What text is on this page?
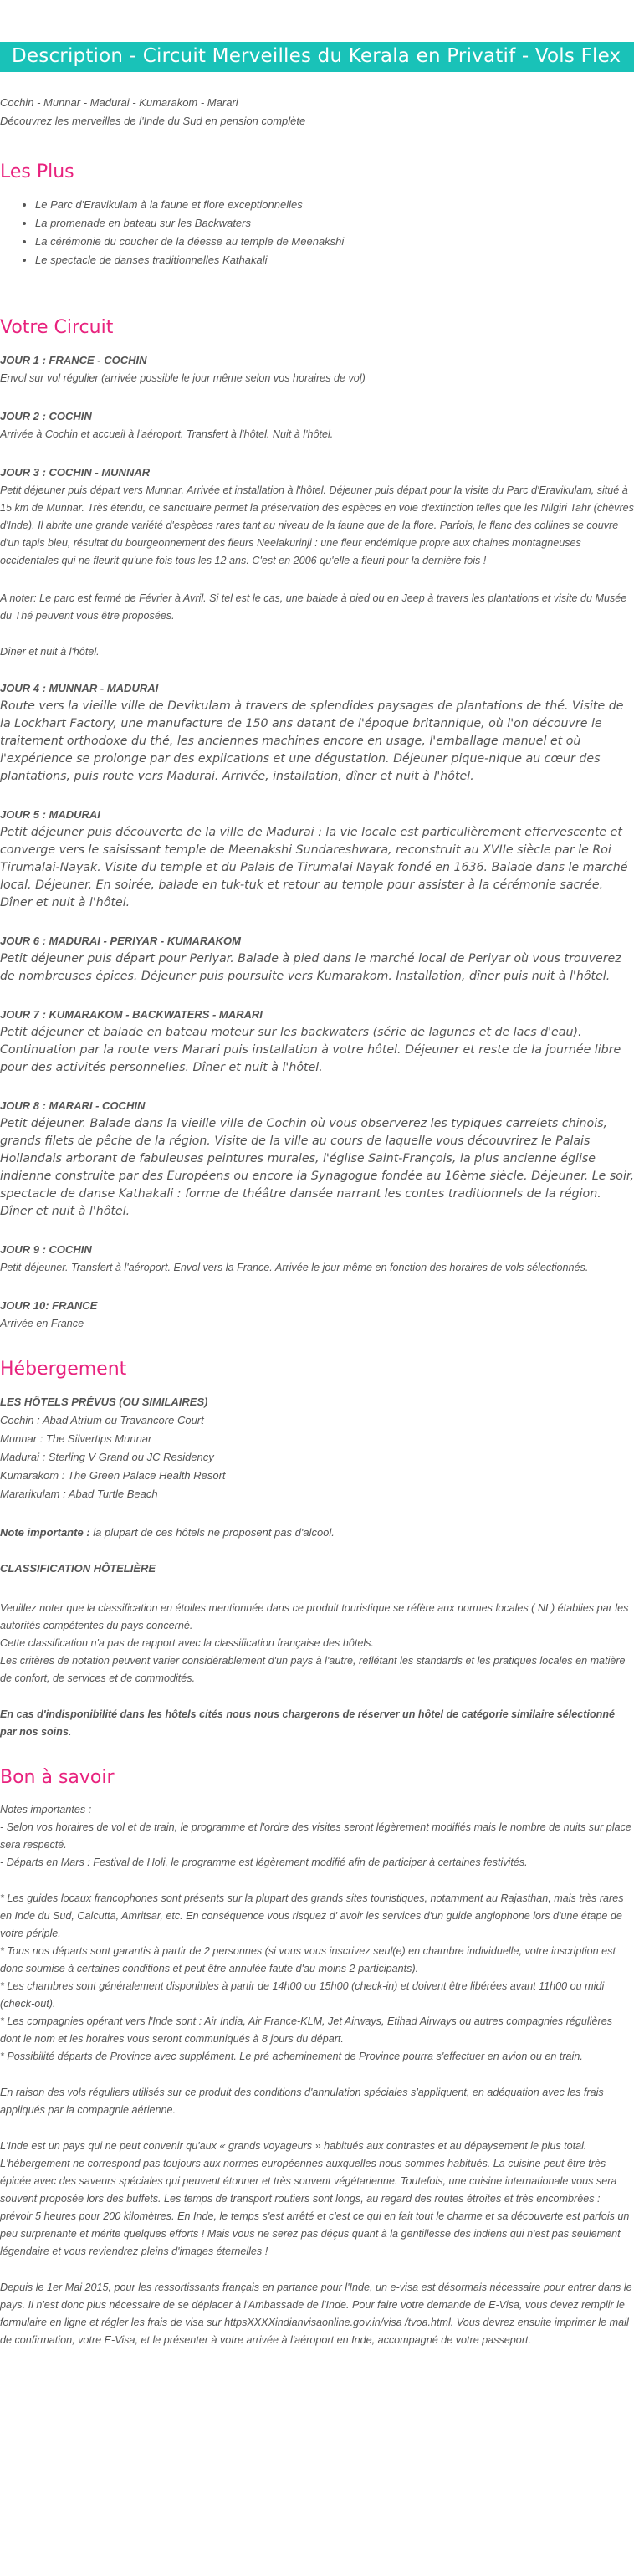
Description - Circuit Merveilles du Kerala en Privatif - Vols Flex
Cochin - Munnar - Madurai - Kumarakom - Marari
Découvrez les merveilles de l'Inde du Sud en pension complète
Les Plus
• Le Parc d'Eravikulam à la faune et flore exceptionnelles
• La promenade en bateau sur les Backwaters
• La cérémonie du coucher de la déesse au temple de Meenakshi
• Le spectacle de danses traditionnelles Kathakali
Votre Circuit
JOUR 1 : FRANCE - COCHIN
Envol sur vol régulier (arrivée possible le jour même selon vos horaires de vol)
JOUR 2 : COCHIN
Arrivée à Cochin et accueil à l'aéroport. Transfert à l'hôtel. Nuit à l'hôtel.
JOUR 3 : COCHIN - MUNNAR
Petit déjeuner puis départ vers Munnar. Arrivée et installation à l'hôtel. Déjeuner puis départ pour la visite du Parc d'Eravikulam, situé à 15 km de Munnar. Très étendu, ce sanctuaire permet la préservation des espèces en voie d'extinction telles que les Nilgiri Tahr (chèvres d'Inde). Il abrite une grande variété d'espèces rares tant au niveau de la faune que de la flore. Parfois, le flanc des collines se couvre d'un tapis bleu, résultat du bourgeonnement des fleurs Neelakurinji : une fleur endémique propre aux chaines montagneuses occidentales qui ne fleurit qu'une fois tous les 12 ans. C'est en 2006 qu'elle a fleuri pour la dernière fois !
A noter: Le parc est fermé de Février à Avril. Si tel est le cas, une balade à pied ou en Jeep à travers les plantations et visite du Musée du Thé peuvent vous être proposées.
Dîner et nuit à l'hôtel.
JOUR 4 : MUNNAR - MADURAI
Route vers la vieille ville de Devikulam à travers de splendides paysages de plantations de thé. Visite de la Lockhart Factory, une manufacture de 150 ans datant de l'époque britannique, où l'on découvre le traitement orthodoxe du thé, les anciennes machines encore en usage, l'emballage manuel et où l'expérience se prolonge par des explications et une dégustation. Déjeuner pique-nique au cœur des plantations, puis route vers Madurai. Arrivée, installation, dîner et nuit à l'hôtel.
JOUR 5 : MADURAI
Petit déjeuner puis découverte de la ville de Madurai : la vie locale est particulièrement effervescente et converge vers le saisissant temple de Meenakshi Sundareshwara, reconstruit au XVIIe siècle par le Roi Tirumalai-Nayak. Visite du temple et du Palais de Tirumalai Nayak fondé en 1636. Balade dans le marché local. Déjeuner. En soirée, balade en tuk-tuk et retour au temple pour assister à la cérémonie sacrée. Dîner et nuit à l'hôtel.
JOUR 6 : MADURAI - PERIYAR - KUMARAKOM
Petit déjeuner puis départ pour Periyar. Balade à pied dans le marché local de Periyar où vous trouverez de nombreuses épices. Déjeuner puis poursuite vers Kumarakom. Installation, dîner puis nuit à l'hôtel.
JOUR 7 : KUMARAKOM - BACKWATERS - MARARI
Petit déjeuner et balade en bateau moteur sur les backwaters (série de lagunes et de lacs d'eau). Continuation par la route vers Marari puis installation à votre hôtel. Déjeuner et reste de la journée libre pour des activités personnelles. Dîner et nuit à l'hôtel.
JOUR 8 : MARARI - COCHIN
Petit déjeuner. Balade dans la vieille ville de Cochin où vous observerez les typiques carrelets chinois, grands filets de pêche de la région. Visite de la ville au cours de laquelle vous découvrirez le Palais Hollandais arborant de fabuleuses peintures murales, l'église Saint-François, la plus ancienne église indienne construite par des Européens ou encore la Synagogue fondée au 16ème siècle. Déjeuner. Le soir, spectacle de danse Kathakali : forme de théâtre dansée narrant les contes traditionnels de la région. Dîner et nuit à l'hôtel.
JOUR 9 : COCHIN
Petit-déjeuner. Transfert à l'aéroport. Envol vers la France. Arrivée le jour même en fonction des horaires de vols sélectionnés.
JOUR 10: FRANCE
Arrivée en France
Hébergement
LES HÔTELS PRÉVUS (OU SIMILAIRES)
Cochin : Abad Atrium ou Travancore Court
Munnar : The Silvertips Munnar
Madurai : Sterling V Grand ou JC Residency
Kumarakom : The Green Palace Health Resort
Mararikulam : Abad Turtle Beach
Note importante : la plupart de ces hôtels ne proposent pas d'alcool.
CLASSIFICATION HÔTELIÈRE
Veuillez noter que la classification en étoiles mentionnée dans ce produit touristique se réfère aux normes locales ( NL) établies par les autorités compétentes du pays concerné.
Cette classification n'a pas de rapport avec la classification française des hôtels.
Les critères de notation peuvent varier considérablement d'un pays à l'autre, reflétant les standards et les pratiques locales en matière de confort, de services et de commodités.
En cas d'indisponibilité dans les hôtels cités nous nous chargerons de réserver un hôtel de catégorie similaire sélectionné par nos soins.
Bon à savoir
Notes importantes :
- Selon vos horaires de vol et de train, le programme et l'ordre des visites seront légèrement modifiés mais le nombre de nuits sur place sera respecté.
- Départs en Mars : Festival de Holi, le programme est légèrement modifié afin de participer à certaines festivités.
* Les guides locaux francophones sont présents sur la plupart des grands sites touristiques, notamment au Rajasthan, mais très rares en Inde du Sud, Calcutta, Amritsar, etc. En conséquence vous risquez d' avoir les services d'un guide anglophone lors d'une étape de votre périple.
* Tous nos départs sont garantis à partir de 2 personnes (si vous vous inscrivez seul(e) en chambre individuelle, votre inscription est donc soumise à certaines conditions et peut être annulée faute d'au moins 2 participants).
* Les chambres sont généralement disponibles à partir de 14h00 ou 15h00 (check-in) et doivent être libérées avant 11h00 ou midi (check-out).
* Les compagnies opérant vers l'Inde sont : Air India, Air France-KLM, Jet Airways, Etihad Airways ou autres compagnies régulières dont le nom et les horaires vous seront communiqués à 8 jours du départ.
* Possibilité départs de Province avec supplément. Le pré acheminement de Province pourra s'effectuer en avion ou en train.
En raison des vols réguliers utilisés sur ce produit des conditions d'annulation spéciales s'appliquent, en adéquation avec les frais appliqués par la compagnie aérienne.
L'Inde est un pays qui ne peut convenir qu'aux « grands voyageurs » habitués aux contrastes et au dépaysement le plus total. L'hébergement ne correspond pas toujours aux normes européennes auxquelles nous sommes habitués. La cuisine peut être très épicée avec des saveurs spéciales qui peuvent étonner et très souvent végétarienne. Toutefois, une cuisine internationale vous sera souvent proposée lors des buffets. Les temps de transport routiers sont longs, au regard des routes étroites et très encombrées : prévoir 5 heures pour 200 kilomètres. En Inde, le temps s'est arrêté et c'est ce qui en fait tout le charme et sa découverte est parfois un peu surprenante et mérite quelques efforts ! Mais vous ne serez pas déçus quant à la gentillesse des indiens qui n'est pas seulement légendaire et vous reviendrez pleins d'images éternelles !
Depuis le 1er Mai 2015, pour les ressortissants français en partance pour l'Inde, un e-visa est désormais nécessaire pour entrer dans le pays. Il n'est donc plus nécessaire de se déplacer à l'Ambassade de l'Inde. Pour faire votre demande de E-Visa, vous devez remplir le formulaire en ligne et régler les frais de visa sur httpsXXXXindianvisaonline.gov.in/visa /tvoa.html. Vous devrez ensuite imprimer le mail de confirmation, votre E-Visa, et le présenter à votre arrivée à l'aéroport en Inde, accompagné de votre passeport.
